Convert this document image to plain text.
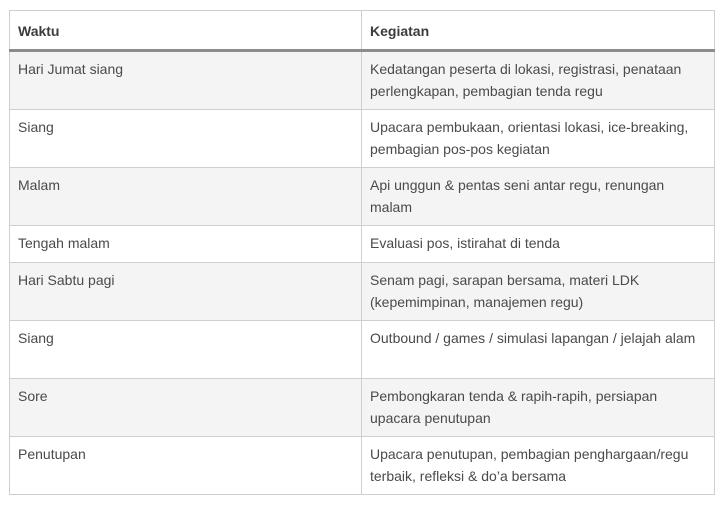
Waktu	Kegiatan
Hari Jumat siang	Kedatangan peserta di lokasi, registrasi, penataan perlengkapan, pembagian tenda regu
Siang	Upacara pembukaan, orientasi lokasi, ice-breaking, pembagian pos-pos kegiatan
Malam	Api unggun & pentas seni antar regu, renungan malam
Tengah malam	Evaluasi pos, istirahat di tenda
Hari Sabtu pagi	Senam pagi, sarapan bersama, materi LDK (kepemimpinan, manajemen regu)
Siang	Outbound / games / simulasi lapangan / jelajah alam
Sore	Pembongkaran tenda & rapih-rapih, persiapan upacara penutupan
Penutupan	Upacara penutupan, pembagian penghargaan/regu terbaik, refleksi & do’a bersama
